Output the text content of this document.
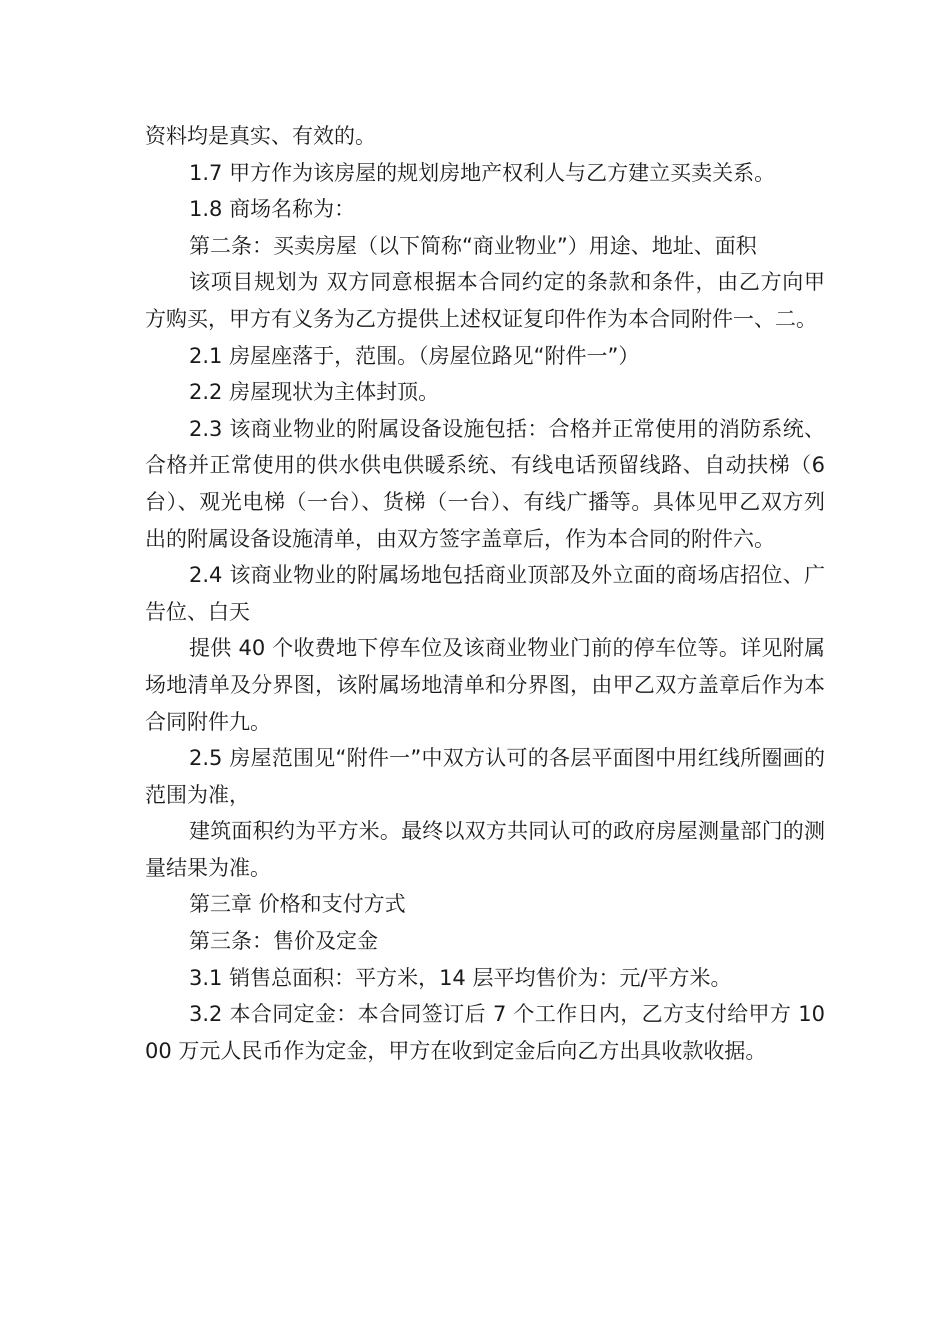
资料均是真实、有效的。

1.7 甲方作为该房屋的规划房地产权利人与乙方建立买卖关系。

1.8 商场名称为：

第二条：买卖房屋（以下简称“商业物业”）用途、地址、面积

该项目规划为 双方同意根据本合同约定的条款和条件，由乙方向甲方购买，甲方有义务为乙方提供上述权证复印件作为本合同附件一、二。

2.1 房屋座落于，范围。（房屋位路见“附件一”）

2.2 房屋现状为主体封顶。

2.3 该商业物业的附属设备设施包括：合格并正常使用的消防系统、合格并正常使用的供水供电供暖系统、有线电话预留线路、自动扶梯（6 台）、观光电梯（一台）、货梯（一台）、有线广播等。具体见甲乙双方列出的附属设备设施清单，由双方签字盖章后，作为本合同的附件六。

2.4 该商业物业的附属场地包括商业顶部及外立面的商场店招位、广告位、白天

提供 40 个收费地下停车位及该商业物业门前的停车位等。详见附属场地清单及分界图，该附属场地清单和分界图，由甲乙双方盖章后作为本合同附件九。

2.5 房屋范围见“附件一”中双方认可的各层平面图中用红线所圈画的范围为准，

建筑面积约为平方米。最终以双方共同认可的政府房屋测量部门的测量结果为准。

第三章 价格和支付方式

第三条：售价及定金

3.1 销售总面积：平方米，14 层平均售价为：元/平方米。

3.2 本合同定金：本合同签订后 7 个工作日内，乙方支付给甲方 1000 万元人民币作为定金，甲方在收到定金后向乙方出具收款收据。
